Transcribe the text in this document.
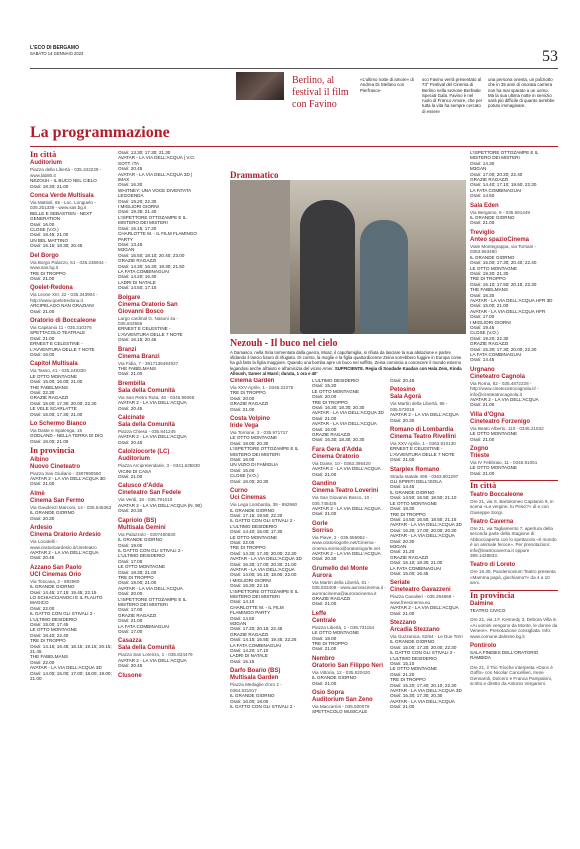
L'ECO DI BERGAMO
SABATO 14 GENNAIO 2023	53
Berlino, al festival il film con Favino
«L'ultimo notte di amore» di Andrea Di Stefano con Pierfrance-
sco Favino verrà presentato al 73° Festival del Cinema di Berlino nella sezione Berlinale Special Gala. Favino è nel ruolo di Franco Amore, che per tutta la vita ha sempre cercato di essere
una persona onesta, un poliziotto che in 35 anni di onorata carriera non ha mai sparato a un uomo. Ma la sua ultima notte in servizio sarà più difficile di quanto avrebbe potuto immaginare.
La programmazione
In città
Auditorium
Piazza della Libertà - 035.342229 - www.lab80.it
NEZOUH - IL BUCO NEL CIELO
Orari: 18.30; 21.00
Conca Verde Multisala
Via Mattioli, 65 - Loc. Longuelo - 035.251339 - www.sas.bg.it
BELLE E SEBASTIEN - NEXT GENERATION
Orari: 16.00
CLOSE (V.O.)
Orari: 18.45; 21.00
UN BEL MATTINO
Orari: 16.15; 18.30; 20.45
Del Borgo
Via Borgo Palazzo, 51 - 035.236944 - www.sas.bg.it
TRE DI TROPPO
Orari: 21.00
Qoelet-Redona
Via Leone XIII, 22 - 035.343904 - http://www.qoeletredona.it
ARCIPELAGO NAN GRAZIANI
Orari: 21.00
Oratorio di Boccaleone
Via Capitanio 11 - 035.310376
SPETTACOLO TEATRALE
Orari: 21.00
ERNEST E CELESTINE - L'AVVENTURA DELLE 7 NOTE
Orari: 16.00
Capitol Multisala
Via Tasso, 41 - 035.248330
LE OTTO MONTAGNE
Orari: 15.00; 16.00; 21.00
THE FABELMANS
Orari: 22.30
GRAZIE RAGAZZI
Orari: 15.00; 17.30; 20.00; 22.30
LE VELE SCARLATTE
Orari: 15.00; 17.30; 21.00
Lo Schermo Bianco
Via Daste e Spalenga, 15
GODLAND - NELLA TERRA DI DIO
Orari: 16.00; 21.00
In provincia
Albino
Nuovo Cineteatro
Piazza San Giuliano - 3387990560
AVATAR 2 - LA VIA DELL'ACQUA 3D
Orari: 21.00
Almè
Cinema San Fermo
Via Gaudenzi Marconi, 14 - 035.545363
IL GRANDE GIORNO
Orari: 20.30
Ardesio
Cinema Oratorio Ardesio
Via Locatelli - www.oratorioardesio.it/cineteatro
AVATAR 2 - LA VIA DELL'ACQUA
Orari: 20.45
Azzano San Paolo
UCI Cinemas Orio
Via Toscana, 2 - 892960
IL GRANDE GIORNO
Orari: 14.45; 17.15; 19.45; 22.15
LO SCHIACCIANOCI E IL FLAUTO MAGICO
Orari: 22.00
IL GATTO CON GLI STIVALI 2 - L'ULTIMO DESIDERIO
Orari: 15.00; 17.45
LE OTTO MONTAGNE
Orari: 18.40; 22.40
TRE DI TROPPO
Orari: 14.15; 16.45; 18.15; 19.15; 20.15; 21.45
THE FABELMANS
Orari: 22.00
AVATAR - LA VIA DELL'ACQUA 3D
Orari: 14.00; 15.00; 17.00; 18.00; 19.00; 21.00
Orari: 13.30; 17.30; 21.30
AVATAR - LA VIA DELL'ACQUA | V.O. SOTT. ITA
Orari: 20.45
AVATAR - LA VIA DELL'ACQUA 3D | IMAX
Orari: 16.30
WHITNEY: UNA VOCE DIVENTATA LEGGENDA
Orari: 19.20; 22.30
I MIGLIORI GIORNI
Orari: 19.35; 21.40
L'ISPETTORE OTTOZAMPE E IL MISTERO DEI MISTERI
Orari: 15.15; 17.20
CHARLOTTE M. - IL FILM FLAMINGO PARTY
Orari: 13.45
M3GAN
Orari: 15.50; 18.10; 20.40; 23.00
GRAZIE RAGAZZI
Orari: 14.30; 16.20; 19.30; 21.50
LA FATA COMBINAGUAI
Orari: 14.20; 16.40
LADRI DI NATALE
Orari: 14.50; 17.10
Bolgare
Cinema Oratorio San Giovanni Bosco
Largo cardinal G. Nasoni 4a - 035.843555
ERNEST E CELESTINE - L'AVVENTURA DELLE 7 NOTE
Orari: 16.15; 20.45
Branzi
Cinema Branzi
Via Fidia, 7 - 3917136494927
THE FABELMANS
Orari: 21.00
Brembilla
Sala della Comunità
Via San Pietro Rota, 46 - 0345.96065
AVATAR 2 - LA VIA DELL'ACQUA
Orari: 20.45
Calcinate
Sala della Comunità
Piazza Chiesa - 035.841245
AVATAR 2 - LA VIA DELL'ACQUA
Orari: 20.45
Calolziocorte (LC)
Auditorium
Piazza Arcipretendarie, 3 - 0341.635830
VICINI DI CASA
Orari: 21.00
Calusco d'Adda
Cineteatro San Fedele
Via Verdi, 18 - 035.791010
AVATAR 2 - LA VIA DELL'ACQUA (N. 90)
Orari: 20.30
Capriolo (BS)
Multisala Gemini
Via Palazzolo - 0307460530
IL GRANDE GIORNO
Orari: 19.00
IL GATTO CON GLI STIVALI 2 - L'ULTIMO DESIDERIO
Orari: 17.00
LE OTTO MONTAGNE
Orari: 18.30; 21.00
TRE DI TROPPO
Orari: 19.00; 21.00
AVATAR - LA VIA DELL'ACQUA
Orari: 20.00
L'ISPETTORE OTTOZAMPE E IL MISTERO DEI MISTERI
Orari: 17.00
GRAZIE RAGAZZI
Orari: 21.00
LA FATA COMBINAGUAI
Orari: 17.00
Casazza
Sala della Comunità
Piazza San Lorenzo, 1 - 035.824479
AVATAR 2 - LA VIA DELL'ACQUA
Orari: 20.45
Clusone
Drammatico
Nezouh - Il buco nel cielo
A Damasco, nella Siria tormentata dalla guerra, Moaz, il capofamiglia, si rifiuta da lasciare la sua abitazione e partire sfidando il lancio futuro di rifugiato. Di contro, la moglie e la figlia quattordicenne Zeina vorrebbero fuggire in Europa come ha già fatto la figlia maggiore. Quando una bomba apre un buco nel soffitto, Zeina comincia a conoscere il mondo esterno legandosi anche all'aiuto e all'amicizia del vicino Amer. SUFFICIENTE. Regia di Soudade Kaadan con Hala Zein, Kinda Alloush, Samer al Masri; durata, 1 ora e 40'
Cinema Garden
Via XXV Aprile, 1 - 0346.22275
TRE DI TROPPO
Orari: 20.00
GRAZIE RAGAZZI
Orari: 21.00
Costa Volpino
Iride Vega
Via Torrione, 3 - 035.971717
LE OTTO MONTAGNE
Orari: 18.00; 20.30
L'ISPETTORE OTTOZAMPE E IL MISTERO DEI MISTERI
Orari: 16.00
UN VIZIO DI FAMIGLIA
Orari: 16.00
CLOSE (V.O.)
Orari: 16.00; 20.30
Curno
Uci Cinemas
Via Lega Lombarda, 39 - 892960
IL GRANDE GIORNO
Orari: 17.15; 19.50; 22.20
IL GATTO CON GLI STIVALI 2 - L'ULTIMO DESIDERIO
Orari: 14.40; 15.00; 17.30
LE OTTO MONTAGNE
Orari: 22.00
TRE DI TROPPO
Orari: 14.30; 17.40; 20.00; 22.30
AVATAR - LA VIA DELL'ACQUA 3D
Orari: 16.30; 17.00; 20.30; 21.00
AVATAR - LA VIA DELL'ACQUA
Orari: 14.00; 16.10; 18.00; 22.00
I MIGLIORI GIORNI
Orari: 16.30; 22.15
L'ISPETTORE OTTOZAMPE E IL MISTERO DEI MISTERI
Orari: 14.10
CHARLOTTE M. - IL FILM FLAMINGO PARTY
Orari: 14.50
M3GAN
Orari: 17.20; 20.15; 22.45
GRAZIE RAGAZZI
Orari: 14.15; 16.50; 19.45; 22.25
LA FATA COMBINAGUAI
Orari: 14.20; 17.10
LADRI DI NATALE
Orari: 15.15
Darfo Boario (BS)
Multisala Garden
Piazza Medaglie d'oro 2 - 0364.531917
IL GRANDE GIORNO
Orari: 16.00; 18.00
IL GATTO CON GLI STIVALI 2 -
L'ULTIMO DESIDERIO
Orari: 15.30
LE OTTO MONTAGNE
Orari: 20.00
TRE DI TROPPO
Orari: 16.30; 18.30; 20.30
AVATAR - LA VIA DELL'ACQUA 3D
Orari: 21.00
AVATAR - LA VIA DELL'ACQUA
Orari: 16.00
GRAZIE RAGAZZI
Orari: 16.30; 18.30; 20.30
Fara Gera d'Adda
Cinema Oratorio
Via Dante, 10 - 0363.395420
AVATAR 2 - LA VIA DELL'ACQUA
Orari: 21.00
Gandino
Cinema Teatro Loverini
Via San Giovanni Bosco, 10 - 035.745425
AVATAR 2 - LA VIA DELL'ACQUA
Orari: 21.00
Gorle
Sorriso
Via Piave, 2 - 035.656962 - www.oratoriogorle.net/Cinema - cinema.sorriso@oratoriogorle.net
AVATAR 2 - LA VIA DELL'ACQUA
Orari: 20.30
Grumello del Monte
Aurora
Via Martiri della Libertà, 61 - 035.833408 - www.auroracinema.it - auroracinema@auroracinema.it
GRAZIE RAGAZZI
Orari: 21.00
Leffe
Centrale
Piazza Libertà, 1 - 035.731154
LE OTTO MONTAGNE
Orari: 18.00
TRE DI TROPPO
Orari: 21.00
Nembro
Oratorio San Filippo Neri
Via Vittoria, 12 - 035.520420
IL GRANDE GIORNO
Orari: 21.00
Osio Sopra
Auditorium San Zeno
Via Maccarrini - 035.500079
SPETTACOLO MUSICALE
Orari: 20.45
Petosino
Sala Agorà
Via Martiri della Libertà, 95 - 035.573015
AVATAR 2 - LA VIA DELL'ACQUA
Orari: 20.30
Romano di Lombardia
Cinema Teatro Rivellini
Via XXV Aprile, 1 - 0363.910130
ERNEST E CELESTINE - L'AVVENTURA DELLE 7 NOTE
Orari: 21.00
Starplex Romano
Strada statale 498 - 0363.901297
GLI SPIRITI DELL'ISOLA
Orari: 14.45
IL GRANDE GIORNO
Orari: 14.50; 16.50; 18.50; 21.10
LE OTTO MONTAGNE
Orari: 18.30
TRE DI TROPPO
Orari: 14.50; 16.50; 18.50; 21.15
AVATAR - LA VIA DELL'ACQUA 3D
Orari: 16.30; 17.00; 20.00; 20.30
AVATAR - LA VIA DELL'ACQUA
Orari: 20.30
M3GAN
Orari: 21.20
GRAZIE RAGAZZI
Orari: 15.10; 18.30; 21.00
LA FATA COMBINAGUAI
Orari: 15.00; 16.45
Seriate
Cineteatro Gavazzeni
Piazza Cavalieri - 035.294868 - www.freecinema.eu
AVATAR 2 - LA VIA DELL'ACQUA
Orari: 21.00
Stezzano
Arcadia Stezzano
Via Guzzanica, 62/64 - Le Due Torri
IL GRANDE GIORNO
Orari: 15.00; 17.20; 20.00; 22.30
IL GATTO CON GLI STIVALI 2 - L'ULTIMO DESIDERIO
Orari: 15.10
LE OTTO MONTAGNE
Orari: 21.20
TRE DI TROPPO
Orari: 15.20; 17.40; 20.10; 22.30
AVATAR - LA VIA DELL'ACQUA 3D
Orari: 15.30; 17.30; 20.30
AVATAR - LA VIA DELL'ACQUA
Orari: 21.00
L'ISPETTORE OTTOZAMPE E IL MISTERO DEI MISTERI
Orari: 14.30
M3GAN
Orari: 17.00; 20.20; 22.40
GRAZIE RAGAZZI
Orari: 14.40; 17.10; 19.50; 22.30
LA FATA COMBINAGUAI
Orari: 14.50
Sala Eden
Via Bergamo, 9 - 035.591449
IL GRANDE GIORNO
Orari: 21.00
Treviglio
Anteo spazioCinema
Viale Montegrappa, via Torriani - 0363.563460
IL GRANDE GIORNO
Orari: 15.00; 17.30; 20.40; 22.40
LE OTTO MONTAGNE
Orari: 19.30; 21.30
TRE DI TROPPO
Orari: 15.10; 17.50; 20.15; 22.30
THE FABELMANS
Orari: 16.30
AVATAR - LA VIA DELL'ACQUA HFR 3D
Orari: 15.00; 21.00
AVATAR - LA VIA DELL'ACQUA HFR
Orari: 17.00
I MIGLIORI GIORNI
Orari: 19.45
CLOSE (V.O.)
Orari: 19.20; 22.30
GRAZIE RAGAZZI
Orari: 15.30; 17.30; 20.00; 22.30
LA FATA COMBINAGUAI
Orari: 14.45
Urgnano
Cineteatro Cagnola
Via Roma, 82 - 035.4872228 - http://www.cinetecatrocagnola.it/ - info@cineteatrocagnola.it
AVATAR 2 - LA VIA DELL'ACQUA
Orari: 21.00
Villa d'Ogna
Cineteatro Forzenigo
Via Beato Alberto, 110 - 0346.21532
LE OTTO MONTAGNE
Orari: 21.00
Zogno
Trieste
Via IV Febbraio, 11 - 0345.91051
LE OTTO MONTAGNE
Orari: 21.00
In città
Teatro Boccaleone
Ore 21, via S. Bartolomeo Capitanio 9, in scena «Le vergine, tu Pesci?» di e con Giuseppe Sorgi.
Teatro Caverna
Ore 21, via Tagliamento 7, apertura della seconda parte della Stagione di Abbocciaperta con lo spettacolo «Il mondo è un animale feroce». Per prenotazioni: info@teatrocaverna.it oppure 389.1428833.
Teatro di Loreto
Ore 16.30, Pandemonium Teatro presenta «Mamma papà, giochiamo?» da 4 a 10 anni.
In provincia
Dalmine
TEATRO CIVICO
Ore 21, via J.F. Kennedy 3, Debora Villa in «Ai uomini vengono da Monte, le donne da Venere». Prenotazione consigliata. Info: www.comune.dalmine.bg.it
Pontirolo
SALA FINEBIS DELL'ORATORIO RAMBIDA
Ore 21, il Trio Trioche interpreta «Donc è Goffo» con Nicolar Cancellieri, Irene Gennaroli, Dolcero e Franca Pampaloni, scritto e diretto da Antonio Vergamini.
